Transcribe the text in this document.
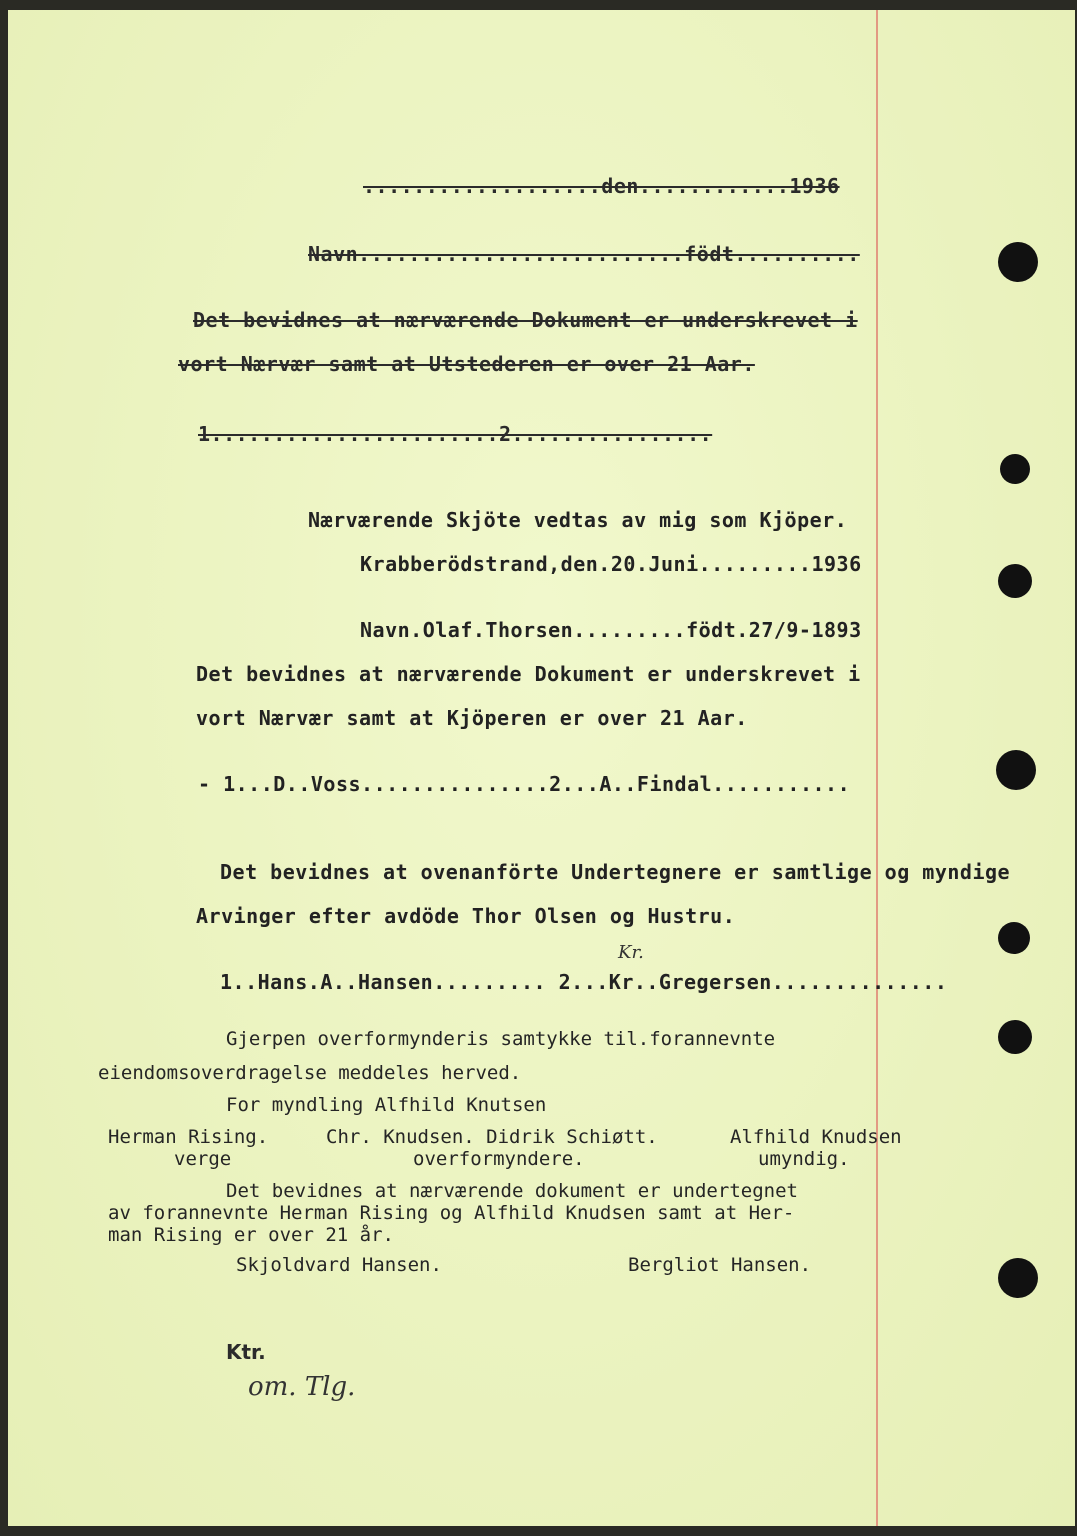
...................den............1936
Navn..........................födt..........
Det bevidnes at nærværende Dokument er underskrevet i
vort Nærvær samt at Utstederen er over 21 Aar.
1.......................2................
Nærværende Skjöte vedtas av mig som Kjöper.
Krabberödstrand,den.20.Juni.........1936
Navn.Olaf.Thorsen.........födt.27/9-1893
Det bevidnes at nærværende Dokument er underskrevet i
vort Nærvær samt at Kjöperen er over 21 Aar.
- 1...D..Voss...............2...A..Findal...........
Det bevidnes at ovenanförte Undertegnere er samtlige og myndige
Arvinger efter avdöde Thor Olsen og Hustru.
1..Hans.A..Hansen......... 2...Kr..Gregersen..............
Kr.
Gjerpen overformynderis samtykke til.forannevnte
eiendomsoverdragelse meddeles herved.
For myndling Alfhild Knutsen
Herman Rising.
verge
Chr. Knudsen. Didrik Schiøtt.
overformyndere.
Alfhild Knudsen
umyndig.
Det bevidnes at nærværende dokument er undertegnet
av forannevnte Herman Rising og Alfhild Knudsen samt at Her-
man Rising er over 21 år.
Skjoldvard Hansen.	Bergliot Hansen.
Ktr.
om. Tlg.
